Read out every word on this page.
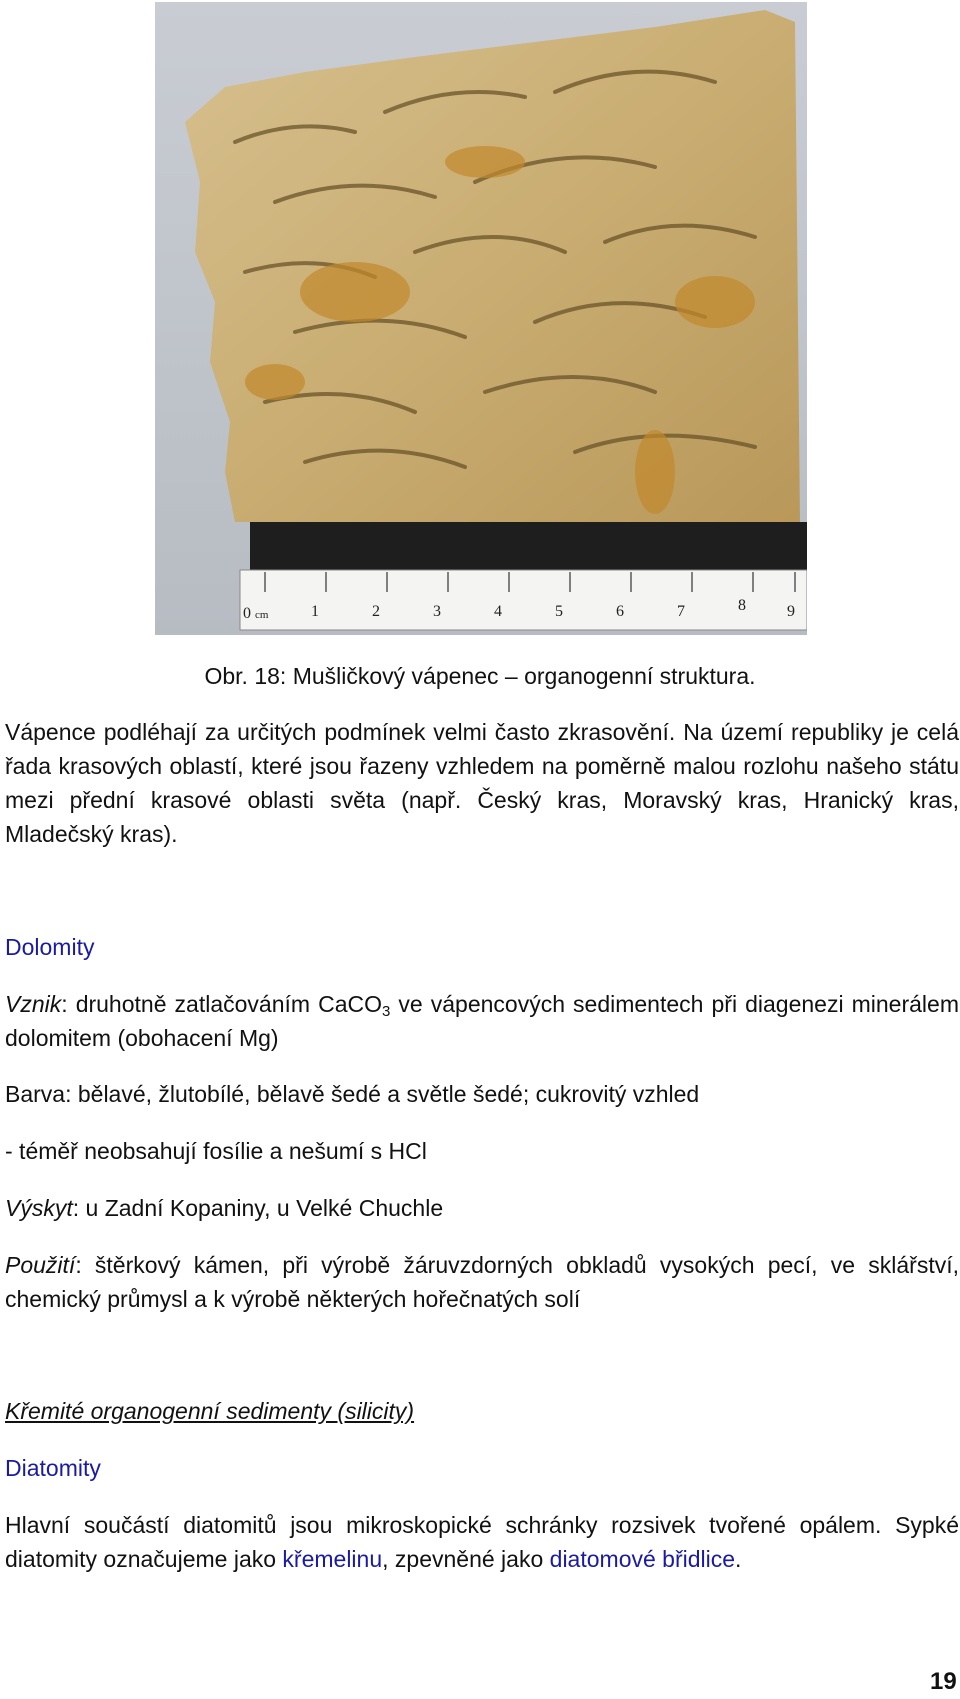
0 cm	1	2	3	4	5	6	7	8	9
Obr. 18: Mušličkový vápenec – organogenní struktura.
Vápence podléhají za určitých podmínek velmi často zkrasovění. Na území republiky je celá řada krasových oblastí, které jsou řazeny vzhledem na poměrně malou rozlohu našeho státu mezi přední krasové oblasti světa (např. Český kras, Moravský kras, Hranický kras, Mladečský kras).
Dolomity
Vznik: druhotně zatlačováním CaCO$_3$ ve vápencových sedimentech při diagenezi minerálem dolomitem (obohacení Mg)
Barva: bělavé, žlutobílé, bělavě šedé a světle šedé; cukrovitý vzhled
- téměř neobsahují fosílie a nešumí s HCl
Výskyt: u Zadní Kopaniny, u Velké Chuchle
Použití: štěrkový kámen, při výrobě žáruvzdorných obkladů vysokých pecí, ve sklářství, chemický průmysl a k výrobě některých hořečnatých solí
Křemité organogenní sedimenty (silicity)
Diatomity
Hlavní součástí diatomitů jsou mikroskopické schránky rozsivek tvořené opálem. Sypké diatomity označujeme jako křemelinu, zpevněné jako diatomové břidlice.
19
